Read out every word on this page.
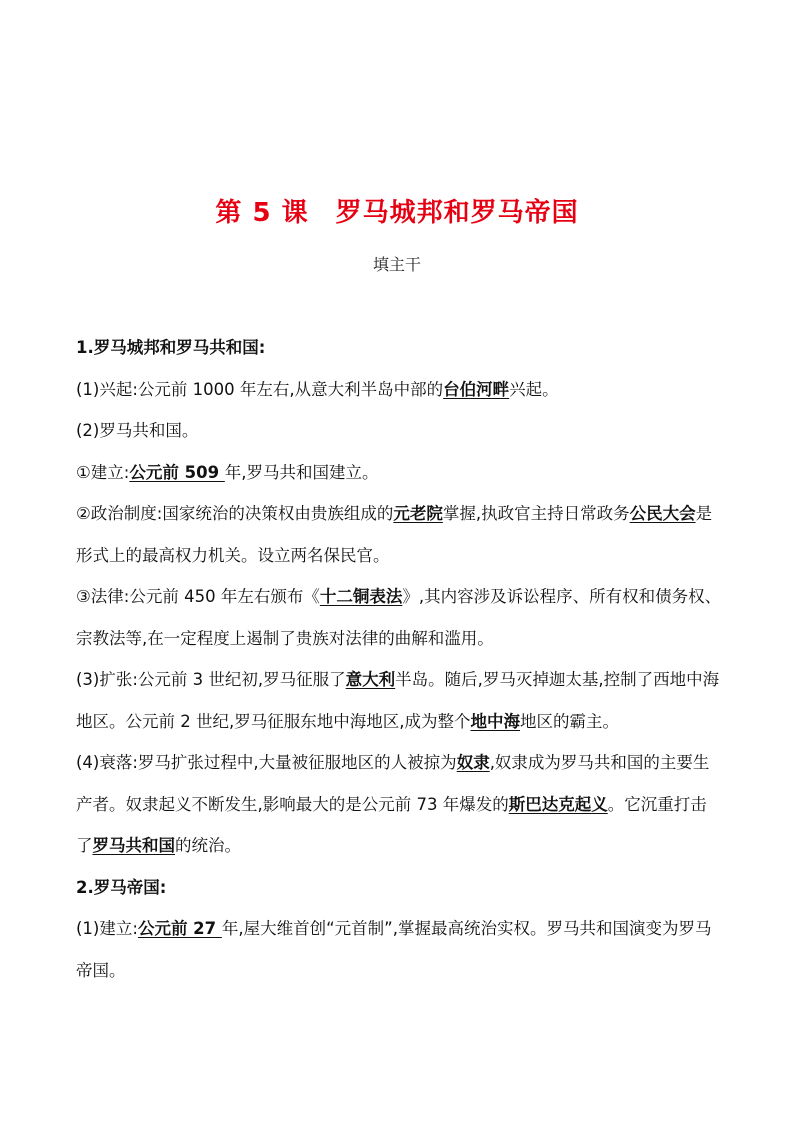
第 5 课　罗马城邦和罗马帝国
填主干

1.罗马城邦和罗马共和国:

(1)兴起:公元前 1000 年左右,从意大利半岛中部的台伯河畔兴起。

(2)罗马共和国。

①建立:公元前 509 年,罗马共和国建立。

②政治制度:国家统治的决策权由贵族组成的元老院掌握,执政官主持日常政务公民大会是形式上的最高权力机关。设立两名保民官。

③法律:公元前 450 年左右颁布《十二铜表法》,其内容涉及诉讼程序、所有权和债务权、宗教法等,在一定程度上遏制了贵族对法律的曲解和滥用。

(3)扩张:公元前 3 世纪初,罗马征服了意大利半岛。随后,罗马灭掉迦太基,控制了西地中海地区。公元前 2 世纪,罗马征服东地中海地区,成为整个地中海地区的霸主。

(4)衰落:罗马扩张过程中,大量被征服地区的人被掠为奴隶,奴隶成为罗马共和国的主要生产者。奴隶起义不断发生,影响最大的是公元前 73 年爆发的斯巴达克起义。它沉重打击了罗马共和国的统治。

2.罗马帝国:

(1)建立:公元前 27 年,屋大维首创“元首制”,掌握最高统治实权。罗马共和国演变为罗马帝国。
